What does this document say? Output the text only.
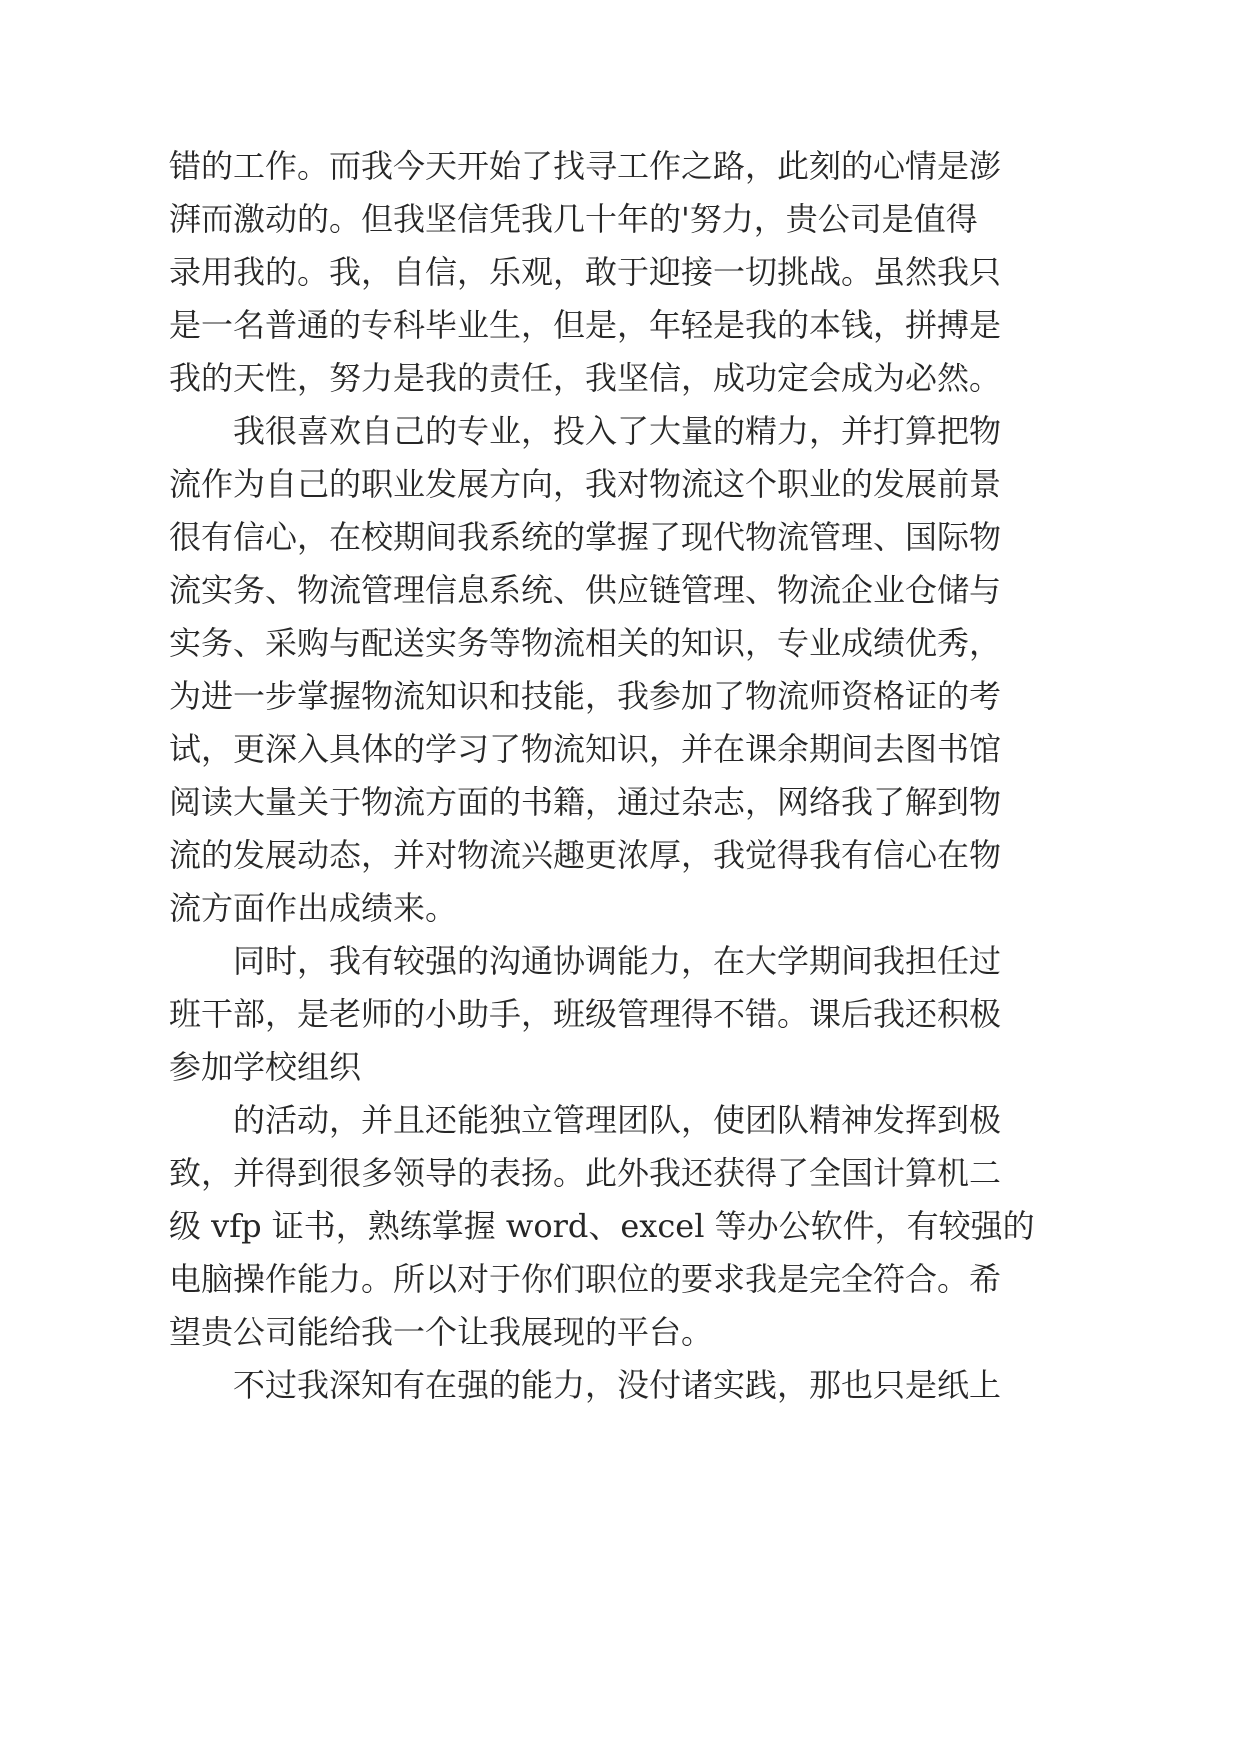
错的工作。而我今天开始了找寻工作之路，此刻的心情是澎
湃而激动的。但我坚信凭我几十年的'努力，贵公司是值得
录用我的。我，自信，乐观，敢于迎接一切挑战。虽然我只
是一名普通的专科毕业生，但是，年轻是我的本钱，拼搏是
我的天性，努力是我的责任，我坚信，成功定会成为必然。
我很喜欢自己的专业，投入了大量的精力，并打算把物
流作为自己的职业发展方向，我对物流这个职业的发展前景
很有信心，在校期间我系统的掌握了现代物流管理、国际物
流实务、物流管理信息系统、供应链管理、物流企业仓储与
实务、采购与配送实务等物流相关的知识，专业成绩优秀，
为进一步掌握物流知识和技能，我参加了物流师资格证的考
试，更深入具体的学习了物流知识，并在课余期间去图书馆
阅读大量关于物流方面的书籍，通过杂志，网络我了解到物
流的发展动态，并对物流兴趣更浓厚，我觉得我有信心在物
流方面作出成绩来。
同时，我有较强的沟通协调能力，在大学期间我担任过
班干部，是老师的小助手，班级管理得不错。课后我还积极
参加学校组织
的活动，并且还能独立管理团队，使团队精神发挥到极
致，并得到很多领导的表扬。此外我还获得了全国计算机二
级 vfp 证书，熟练掌握 word、excel 等办公软件，有较强的
电脑操作能力。所以对于你们职位的要求我是完全符合。希
望贵公司能给我一个让我展现的平台。
不过我深知有在强的能力，没付诸实践，那也只是纸上
